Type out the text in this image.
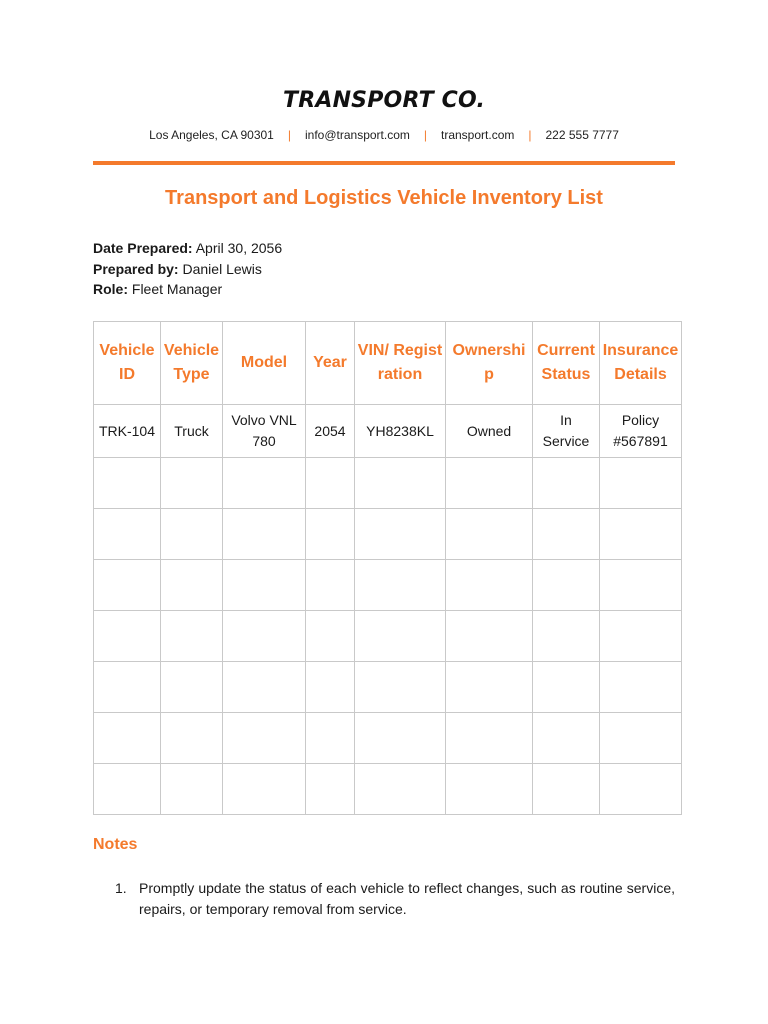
TRANSPORT CO.
Los Angeles, CA 90301 | info@transport.com | transport.com | 222 555 7777
Transport and Logistics Vehicle Inventory List
Date Prepared: April 30, 2056
Prepared by: Daniel Lewis
Role: Fleet Manager
Vehicle ID	Vehicle Type	Model	Year	VIN/ Registration	Ownership	Current Status	Insurance Details
TRK-104	Truck	Volvo VNL 780	2054	YH8238KL	Owned	In Service	Policy #567891

Notes
1. Promptly update the status of each vehicle to reflect changes, such as routine service, repairs, or temporary removal from service.
